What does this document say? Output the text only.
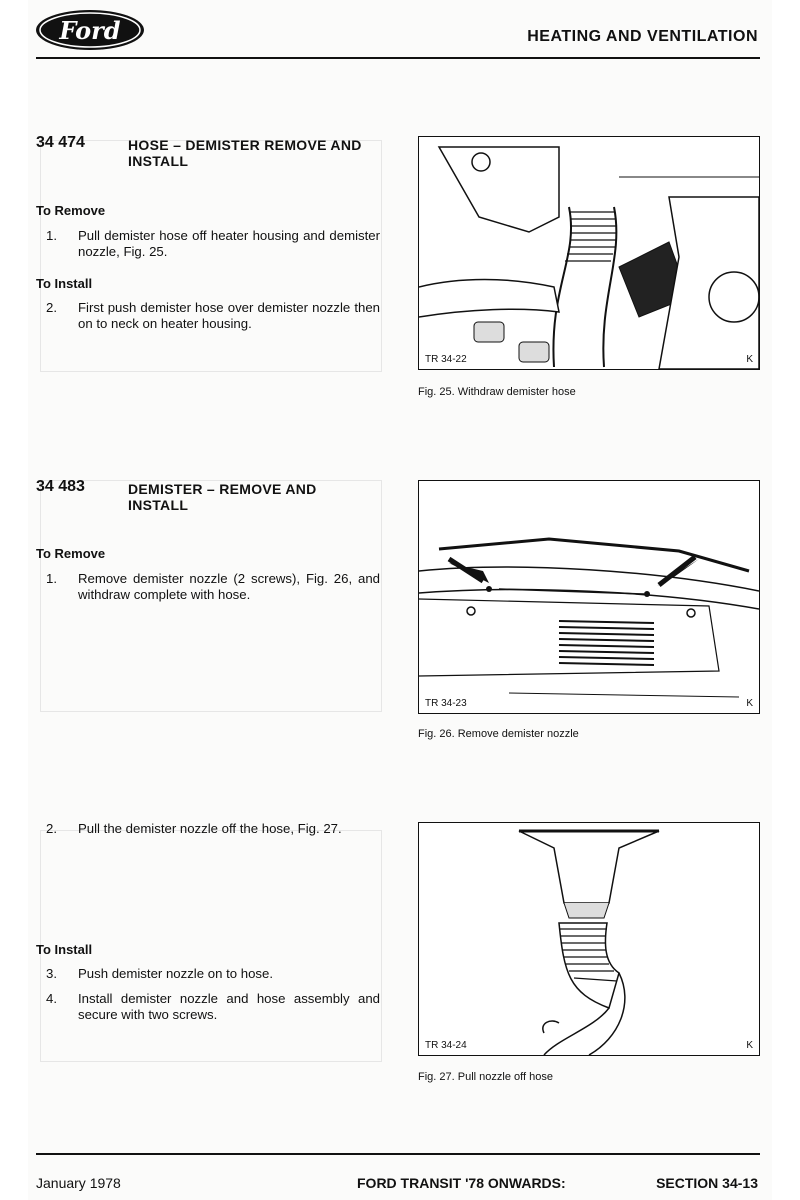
Ford	HEATING AND VENTILATION
34 474	HOSE – DEMISTER REMOVE AND INSTALL
To Remove
1. Pull demister hose off heater housing and demister nozzle, Fig. 25.
To Install
2. First push demister hose over demister nozzle then on to neck on heater housing.
TR 34-22	K
Fig. 25. Withdraw demister hose
34 483	DEMISTER – REMOVE AND INSTALL
To Remove
1. Remove demister nozzle (2 screws), Fig. 26, and withdraw complete with hose.
TR 34-23	K
Fig. 26. Remove demister nozzle
2. Pull the demister nozzle off the hose, Fig. 27.
To Install
3. Push demister nozzle on to hose.
4. Install demister nozzle and hose assembly and secure with two screws.
TR 34-24	K
Fig. 27. Pull nozzle off hose
January 1978	FORD TRANSIT '78 ONWARDS:	SECTION 34-13
